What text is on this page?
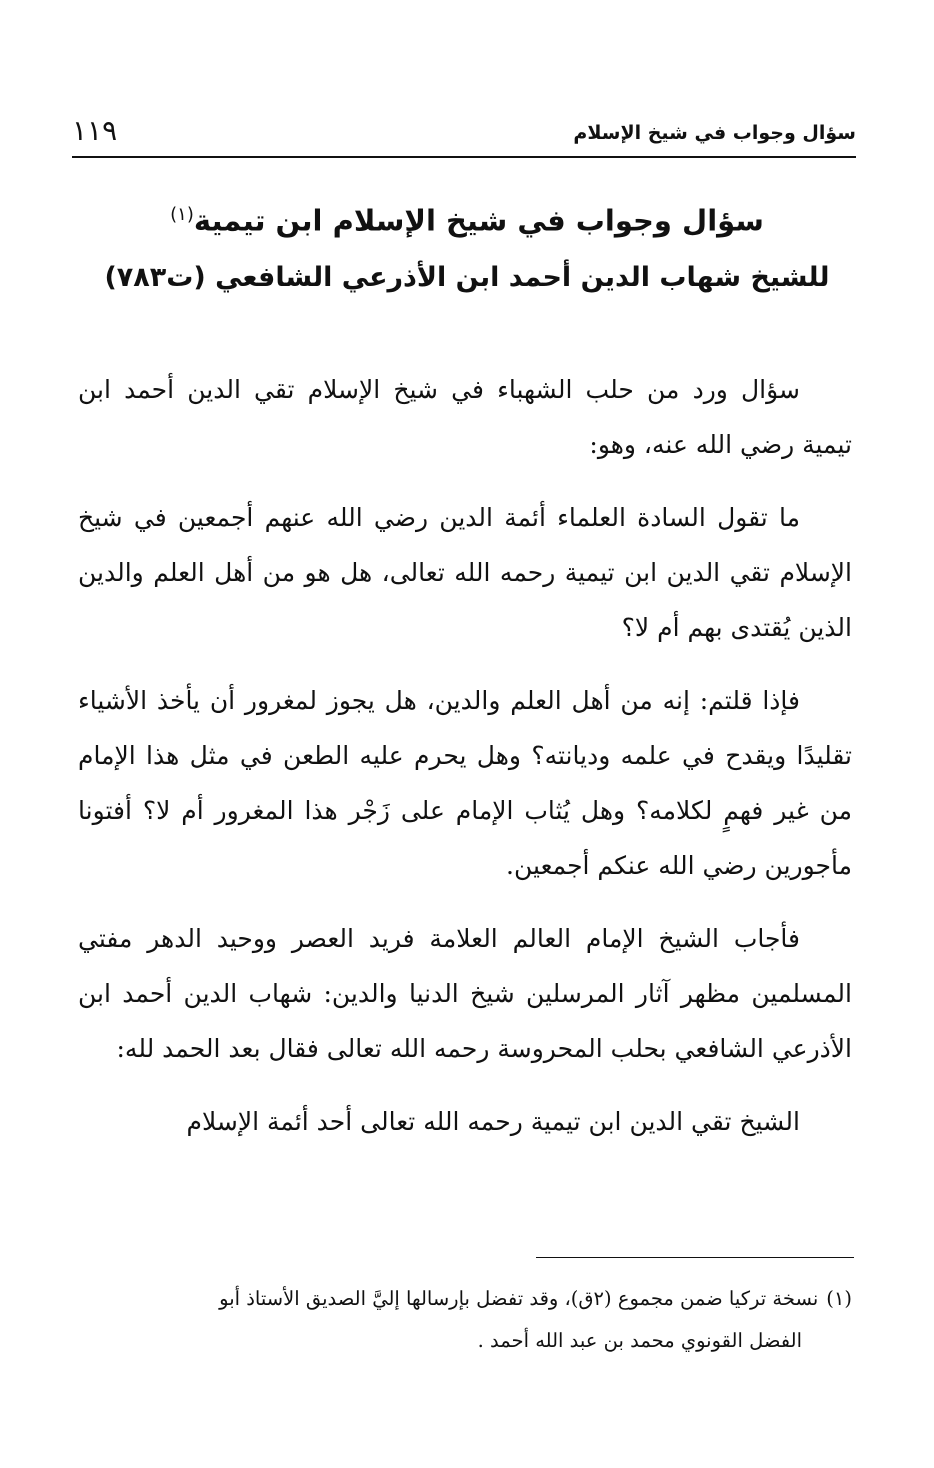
سؤال وجواب في شيخ الإسلام
١١٩
سؤال وجواب في شيخ الإسلام ابن تيمية$^{(١)}$
للشيخ شهاب الدين أحمد ابن الأذرعي الشافعي (ت٧٨٣)

سؤال ورد من حلب الشهباء في شيخ الإسلام تقي الدين أحمد ابن تيمية رضي الله عنه، وهو:

ما تقول السادة العلماء أئمة الدين رضي الله عنهم أجمعين في شيخ الإسلام تقي الدين ابن تيمية رحمه الله تعالى، هل هو من أهل العلم والدين الذين يُقتدى بهم أم لا؟

فإذا قلتم: إنه من أهل العلم والدين، هل يجوز لمغرور أن يأخذ الأشياء تقليدًا ويقدح في علمه وديانته؟ وهل يحرم عليه الطعن في مثل هذا الإمام من غير فهمٍ لكلامه؟ وهل يُثاب الإمام على زَجْر هذا المغرور أم لا؟ أفتونا مأجورين رضي الله عنكم أجمعين.

فأجاب الشيخ الإمام العالم العلامة فريد العصر ووحيد الدهر مفتي المسلمين مظهر آثار المرسلين شيخ الدنيا والدين: شهاب الدين أحمد ابن الأذرعي الشافعي بحلب المحروسة رحمه الله تعالى فقال بعد الحمد لله:

الشيخ تقي الدين ابن تيمية رحمه الله تعالى أحد أئمة الإسلام

(١)نسخة تركيا ضمن مجموع (٢ق)، وقد تفضل بإرسالها إليَّ الصديق الأستاذ أبو
الفضل القونوي محمد بن عبد الله أحمد .
